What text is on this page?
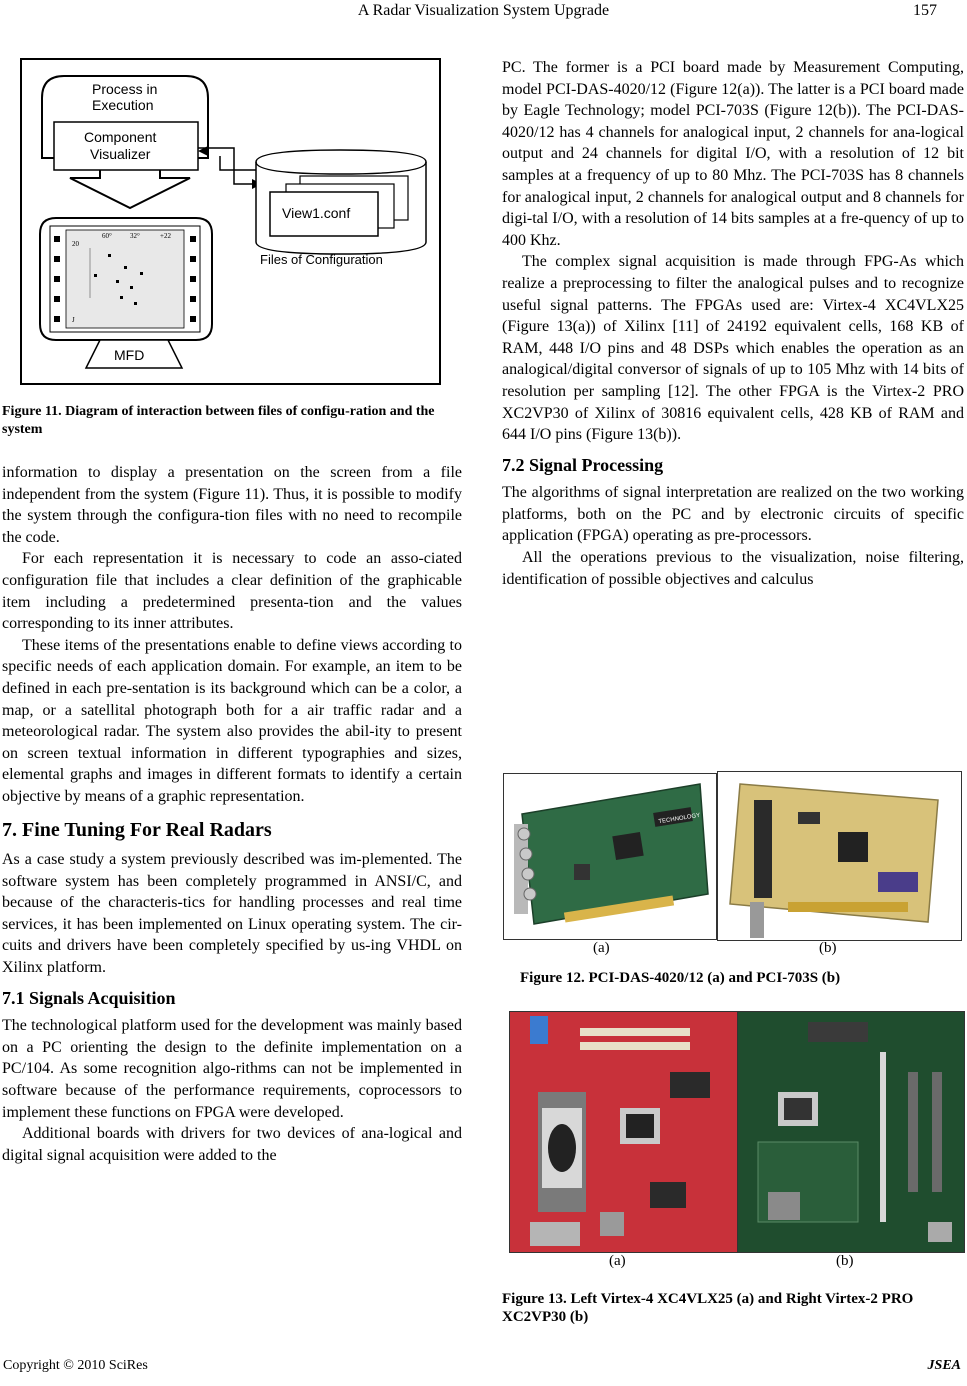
A Radar Visualization System Upgrade	157
Process in
Execution
Component
Visualizer
View1.conf
Files of Configuration
60°	32°	+22
20
J
MFD
Figure 11. Diagram of interaction between files of configu-ration and the system

information to display a presentation on the screen from a file independent from the system (Figure 11). Thus, it is possible to modify the system through the configura-tion files with no need to recompile the code.

For each representation it is necessary to code an asso-ciated configuration file that includes a clear definition of the graphicable item including a predetermined presenta-tion and the values corresponding to its inner attributes.

These items of the presentations enable to define views according to specific needs of each application domain. For example, an item to be defined in each pre-sentation is its background which can be a color, a map, or a satellital photograph both for a air traffic radar and a meteorological radar. The system also provides the abil-ity to present on screen textual information in different typographies and sizes, elemental graphs and images in different formats to identify a certain objective by means of a graphic representation.

7. Fine Tuning For Real Radars

As a case study a system previously described was im-plemented. The software system has been completely programmed in ANSI/C, and because of the characteris-tics for handling processes and real time services, it has been implemented on Linux operating system. The cir-cuits and drivers have been completely specified by us-ing VHDL on Xilinx platform.

7.1 Signals Acquisition

The technological platform used for the development was mainly based on a PC orienting the design to the definite implementation on a PC/104. As some recognition algo-rithms can not be implemented in software because of the performance requirements, coprocessors to implement these functions on FPGA were developed.

Additional boards with drivers for two devices of ana-logical and digital signal acquisition were added to the

PC. The former is a PCI board made by Measurement Computing, model PCI-DAS-4020/12 (Figure 12(a)). The latter is a PCI board made by Eagle Technology; model PCI-703S (Figure 12(b)). The PCI-DAS-4020/12 has 4 channels for analogical input, 2 channels for ana-logical output and 24 channels for digital I/O, with a resolution of 12 bit samples at a frequency of up to 80 Mhz. The PCI-703S has 8 channels for analogical input, 2 channels for analogical output and 8 channels for digi-tal I/O, with a resolution of 14 bits samples at a fre-quency of up to 400 Khz.

The complex signal acquisition is made through FPG-As which realize a preprocessing to filter the analogical pulses and to recognize useful signal patterns. The FPGAs used are: Virtex-4 XC4VLX25 (Figure 13(a)) of Xilinx [11] of 24192 equivalent cells, 168 KB of RAM, 448 I/O pins and 48 DSPs which enables the operation as an analogical/digital conversor of signals of up to 105 Mhz with 14 bits of resolution per sampling [12]. The other FPGA is the Virtex-2 PRO XC2VP30 of Xilinx of 30816 equivalent cells, 428 KB of RAM and 644 I/O pins (Figure 13(b)).

7.2 Signal Processing

The algorithms of signal interpretation are realized on the two working platforms, both on the PC and by electronic circuits of specific application (FPGA) operating as pre-processors.

All the operations previous to the visualization, noise filtering, identification of possible objectives and calculus

TECHNOLOGY
(a)	(b)
Figure 12. PCI-DAS-4020/12 (a) and PCI-703S (b)
(a)	(b)
Figure 13. Left Virtex-4 XC4VLX25 (a) and Right Virtex-2 PRO XC2VP30 (b)
Copyright © 2010 SciRes	JSEA
